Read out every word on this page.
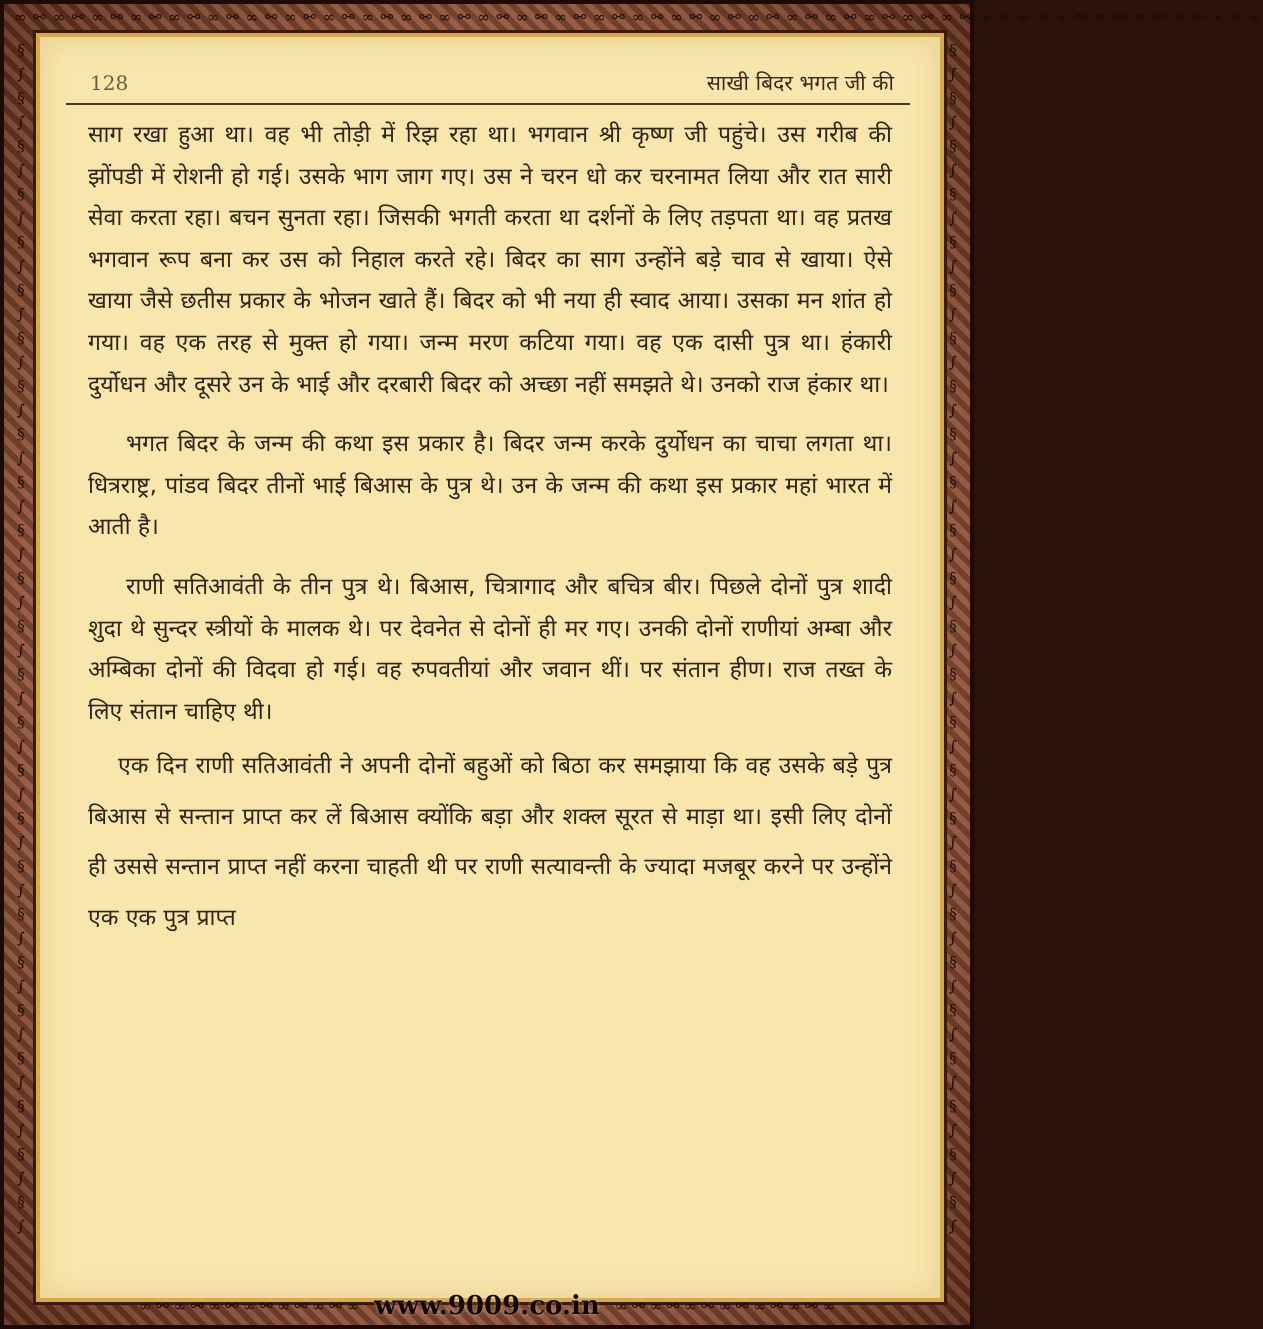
∞ ⚯ ∞ ⚯ ∞ ⚯ ∞ ⚯ ∞ ⚯ ∞ ⚯ ∞ ⚯ ∞ ⚯ ∞ ⚯ ∞ ⚯ ∞ ⚯ ∞ ⚯ ∞ ⚯ ∞ ⚯ ∞ ⚯ ∞ ⚯ ∞ ⚯ ∞ ⚯ ∞ ⚯ ∞ ⚯ ∞ ⚯ ∞ ⚯ ∞ ⚯ ∞ ⚯ ∞ ⚯ ∞ ⚯ ∞ ⚯ ∞ ⚯ ∞ ⚯ ∞ ⚯ ∞ ⚯ ∞ ⚯ ∞
§
∫
§
∫
§
∫
§
∫
§
∫
§
∫
§
∫
§
∫
§
∫
§
∫
§
∫
§
∫
§
∫
§
∫
§
∫
§
∫
§
∫
§
∫
§
∫
§
∫
§
∫
§
∫
§
∫
§
∫
§
∫
§
∫
§
∫
§
∫
§
∫
§
∫
§
∫
§
∫
§
∫
§
∫
§
∫
§
∫
§
∫
§
∫
§
∫
§
∫
§
∫
§
∫
§
∫
§
∫
§
∫
§
∫
§
∫
§
∫
§
∫
§
∫
128	साखी बिदर भगत जी की

साग रखा हुआ था। वह भी तोड़ी में रिझ रहा था। भगवान श्री कृष्ण जी पहुंचे। उस गरीब की झोंपडी में रोशनी हो गई। उसके भाग जाग गए। उस ने चरन धो कर चरनामत लिया और रात सारी सेवा करता रहा। बचन सुनता रहा। जिसकी भगती करता था दर्शनों के लिए तड़पता था। वह प्रतख भगवान रूप बना कर उस को निहाल करते रहे। बिदर का साग उन्होंने बड़े चाव से खाया। ऐसे खाया जैसे छतीस प्रकार के भोजन खाते हैं। बिदर को भी नया ही स्वाद आया। उसका मन शांत हो गया। वह एक तरह से मुक्त हो गया। जन्म मरण कटिया गया। वह एक दासी पुत्र था। हंकारी दुर्योधन और दूसरे उन के भाई और दरबारी बिदर को अच्छा नहीं समझते थे। उनको राज हंकार था।

भगत बिदर के जन्म की कथा इस प्रकार है। बिदर जन्म करके दुर्योधन का चाचा लगता था। धित्रराष्ट्र, पांडव बिदर तीनों भाई बिआस के पुत्र थे। उन के जन्म की कथा इस प्रकार महां भारत में आती है।

राणी सतिआवंती के तीन पुत्र थे। बिआस, चित्रागाद और बचित्र बीर। पिछले दोनों पुत्र शादी शुदा थे सुन्दर स्त्रीयों के मालक थे। पर देवनेत से दोनों ही मर गए। उनकी दोनों राणीयां अम्बा और अम्बिका दोनों की विदवा हो गई। वह रुपवतीयां और जवान थीं। पर संतान हीण। राज तख्त के लिए संतान चाहिए थी।

एक दिन राणी सतिआवंती ने अपनी दोनों बहुओं को बिठा कर समझाया कि वह उसके बड़े पुत्र बिआस से सन्तान प्राप्त कर लें बिआस क्योंकि बड़ा और शक्ल सूरत से माड़ा था। इसी लिए दोनों ही उससे सन्तान प्राप्त नहीं करना चाहती थी पर राणी सत्यावन्ती के ज्यादा मजबूर करने पर उन्होंने एक एक पुत्र प्राप्त

∞ ⚯ ∞ ⚯ ∞ ⚯ ∞ ⚯ ∞ ⚯ ∞ ⚯ ∞ www.9009.co.in ∞ ⚯ ∞ ⚯ ∞ ⚯ ∞ ⚯ ∞ ⚯ ∞ ⚯ ∞
